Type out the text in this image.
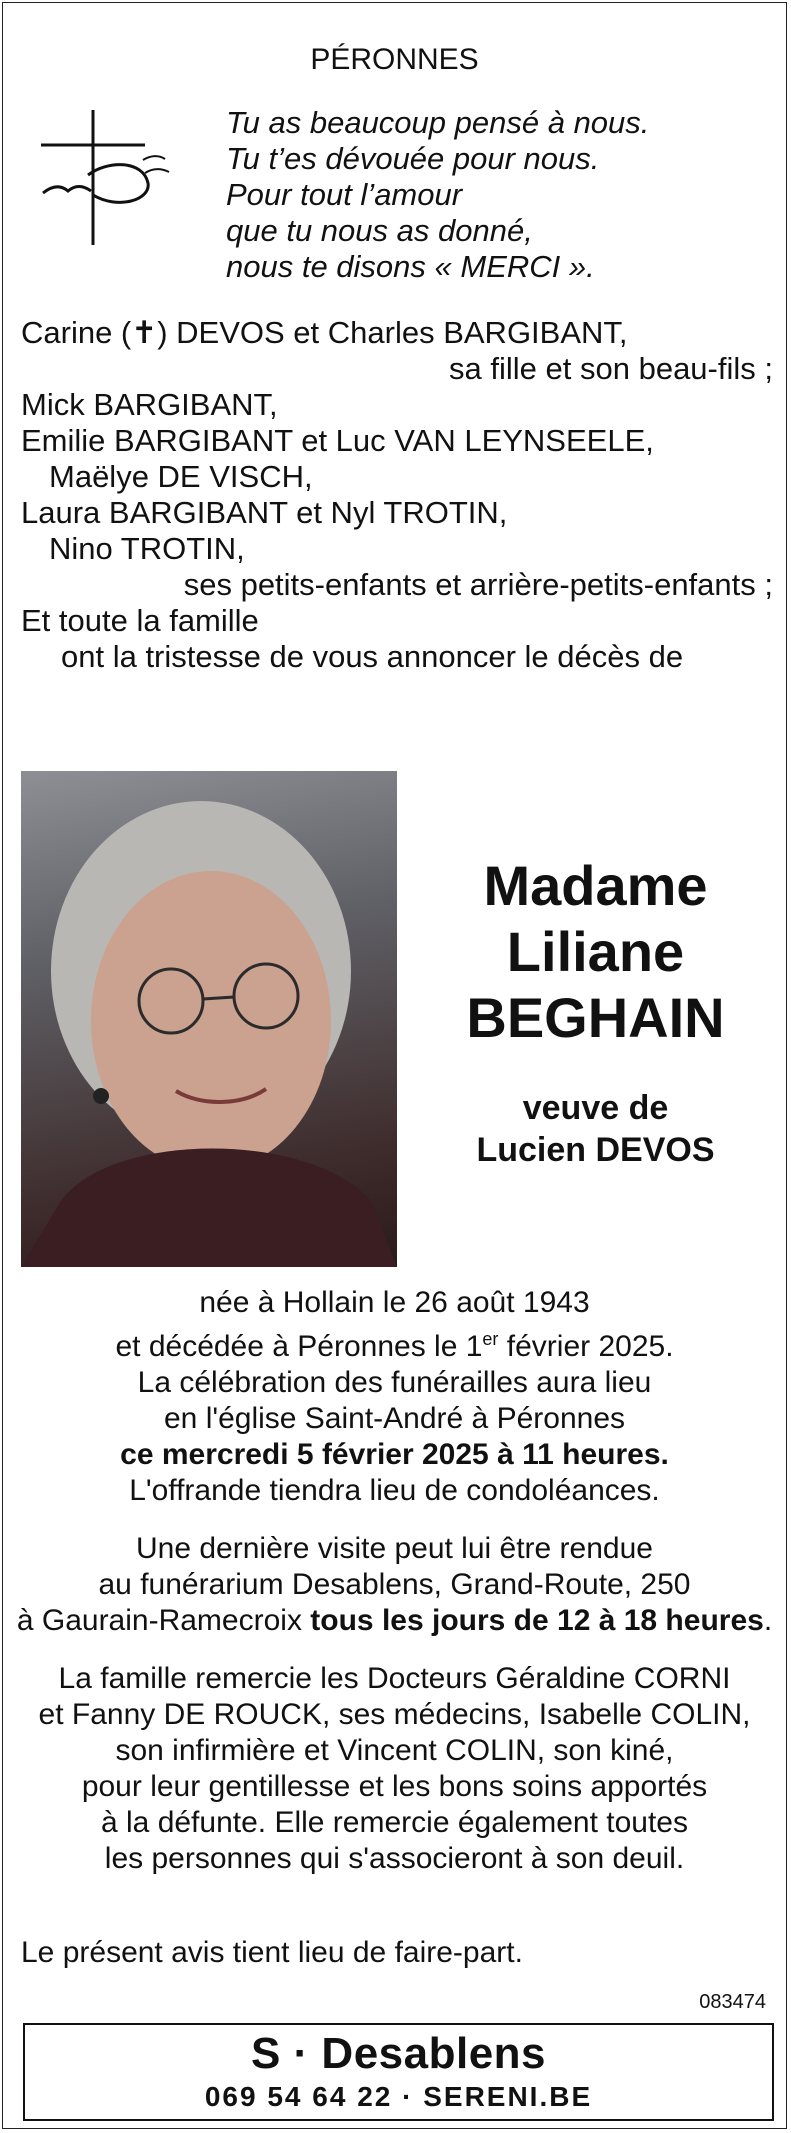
PÉRONNES
Tu as beaucoup pensé à nous.
Tu t’es dévouée pour nous.
Pour tout l’amour
que tu nous as donné,
nous te disons « MERCI ».
Carine (✝) DEVOS et Charles BARGIBANT,
sa fille et son beau-fils ;
Mick BARGIBANT,
Emilie BARGIBANT et Luc VAN LEYNSEELE,
Maëlye DE VISCH,
Laura BARGIBANT et Nyl TROTIN,
Nino TROTIN,
ses petits-enfants et arrière-petits-enfants ;
Et toute la famille
ont la tristesse de vous annoncer le décès de
Madame
Liliane
BEGHAIN
veuve de
Lucien DEVOS
née à Hollain le 26 août 1943
et décédée à Péronnes le 1er février 2025.
La célébration des funérailles aura lieu
en l'église Saint-André à Péronnes
ce mercredi 5 février 2025 à 11 heures.
L'offrande tiendra lieu de condoléances.
Une dernière visite peut lui être rendue
au funérarium Desablens, Grand-Route, 250
à Gaurain-Ramecroix tous les jours de 12 à 18 heures.
La famille remercie les Docteurs Géraldine CORNI
et Fanny DE ROUCK, ses médecins, Isabelle COLIN,
son infirmière et Vincent COLIN, son kiné,
pour leur gentillesse et les bons soins apportés
à la défunte. Elle remercie également toutes
les personnes qui s'associeront à son deuil.
Le présent avis tient lieu de faire-part.
083474
S · Desablens
069 54 64 22 · SERENI.BE
